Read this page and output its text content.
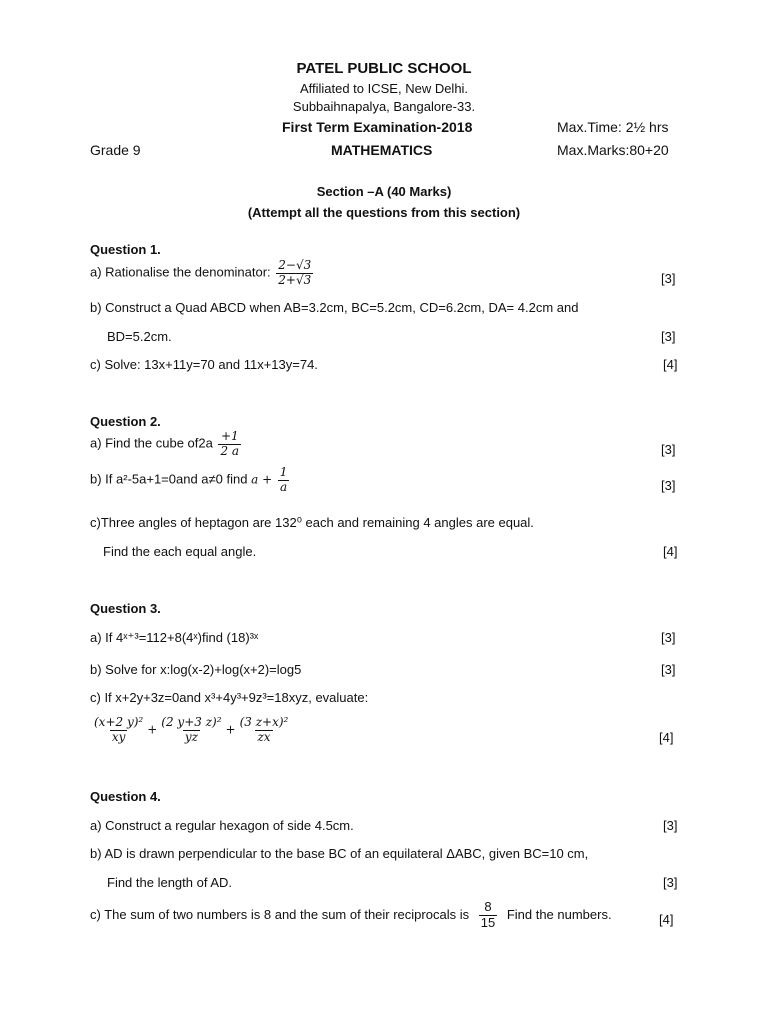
PATEL PUBLIC SCHOOL
Affiliated to ICSE, New Delhi.
Subbaihnapalya, Bangalore-33.
First Term Examination-2018	Max.Time: 2½ hrs
Grade 9	MATHEMATICS	Max.Marks:80+20
Section –A (40 Marks)
(Attempt all the questions from this section)
Question 1.
a) Rationalise the denominator: $\frac{2-√3}{2+√3}$	[3]
b) Construct a Quad ABCD when AB=3.2cm, BC=5.2cm, CD=6.2cm, DA= 4.2cm and
BD=5.2cm.	[3]
c) Solve: 13x+11y=70 and 11x+13y=74.	[4]
Question 2.
a) Find the cube $of2a \frac{+1}{2 a}$	[3]
b) If a²-5a+1=0and a≠0 find $a + \frac{1}{a}$	[3]
c)Three angles of heptagon are 132⁰ each and remaining 4 angles are equal.
Find the each equal angle.	[4]
Question 3.
a) If 4ˣ⁺³=112+8(4ˣ)find (18)³ˣ	[3]
b) Solve for x:log(x-2)+log(x+2)=log5	[3]
c) If x+2y+3z=0and x³+4y³+9z³=18xyz, evaluate:
$\frac{\text{(x+2 y)²}}{xy} + \frac{\text{(2 y+3 z)²}}{yz} + \frac{\text{(3 z+x)²}}{zx}$	[4]
Question 4.
a) Construct a regular hexagon of side 4.5cm.	[3]
b) AD is drawn perpendicular to the base BC of an equilateral ΔABC, given BC=10 cm,
Find the length of AD.	[3]
c) The sum of two numbers is 8 and the sum of their reciprocals is $\frac{8}{15}$ Find the numbers.	[4]
